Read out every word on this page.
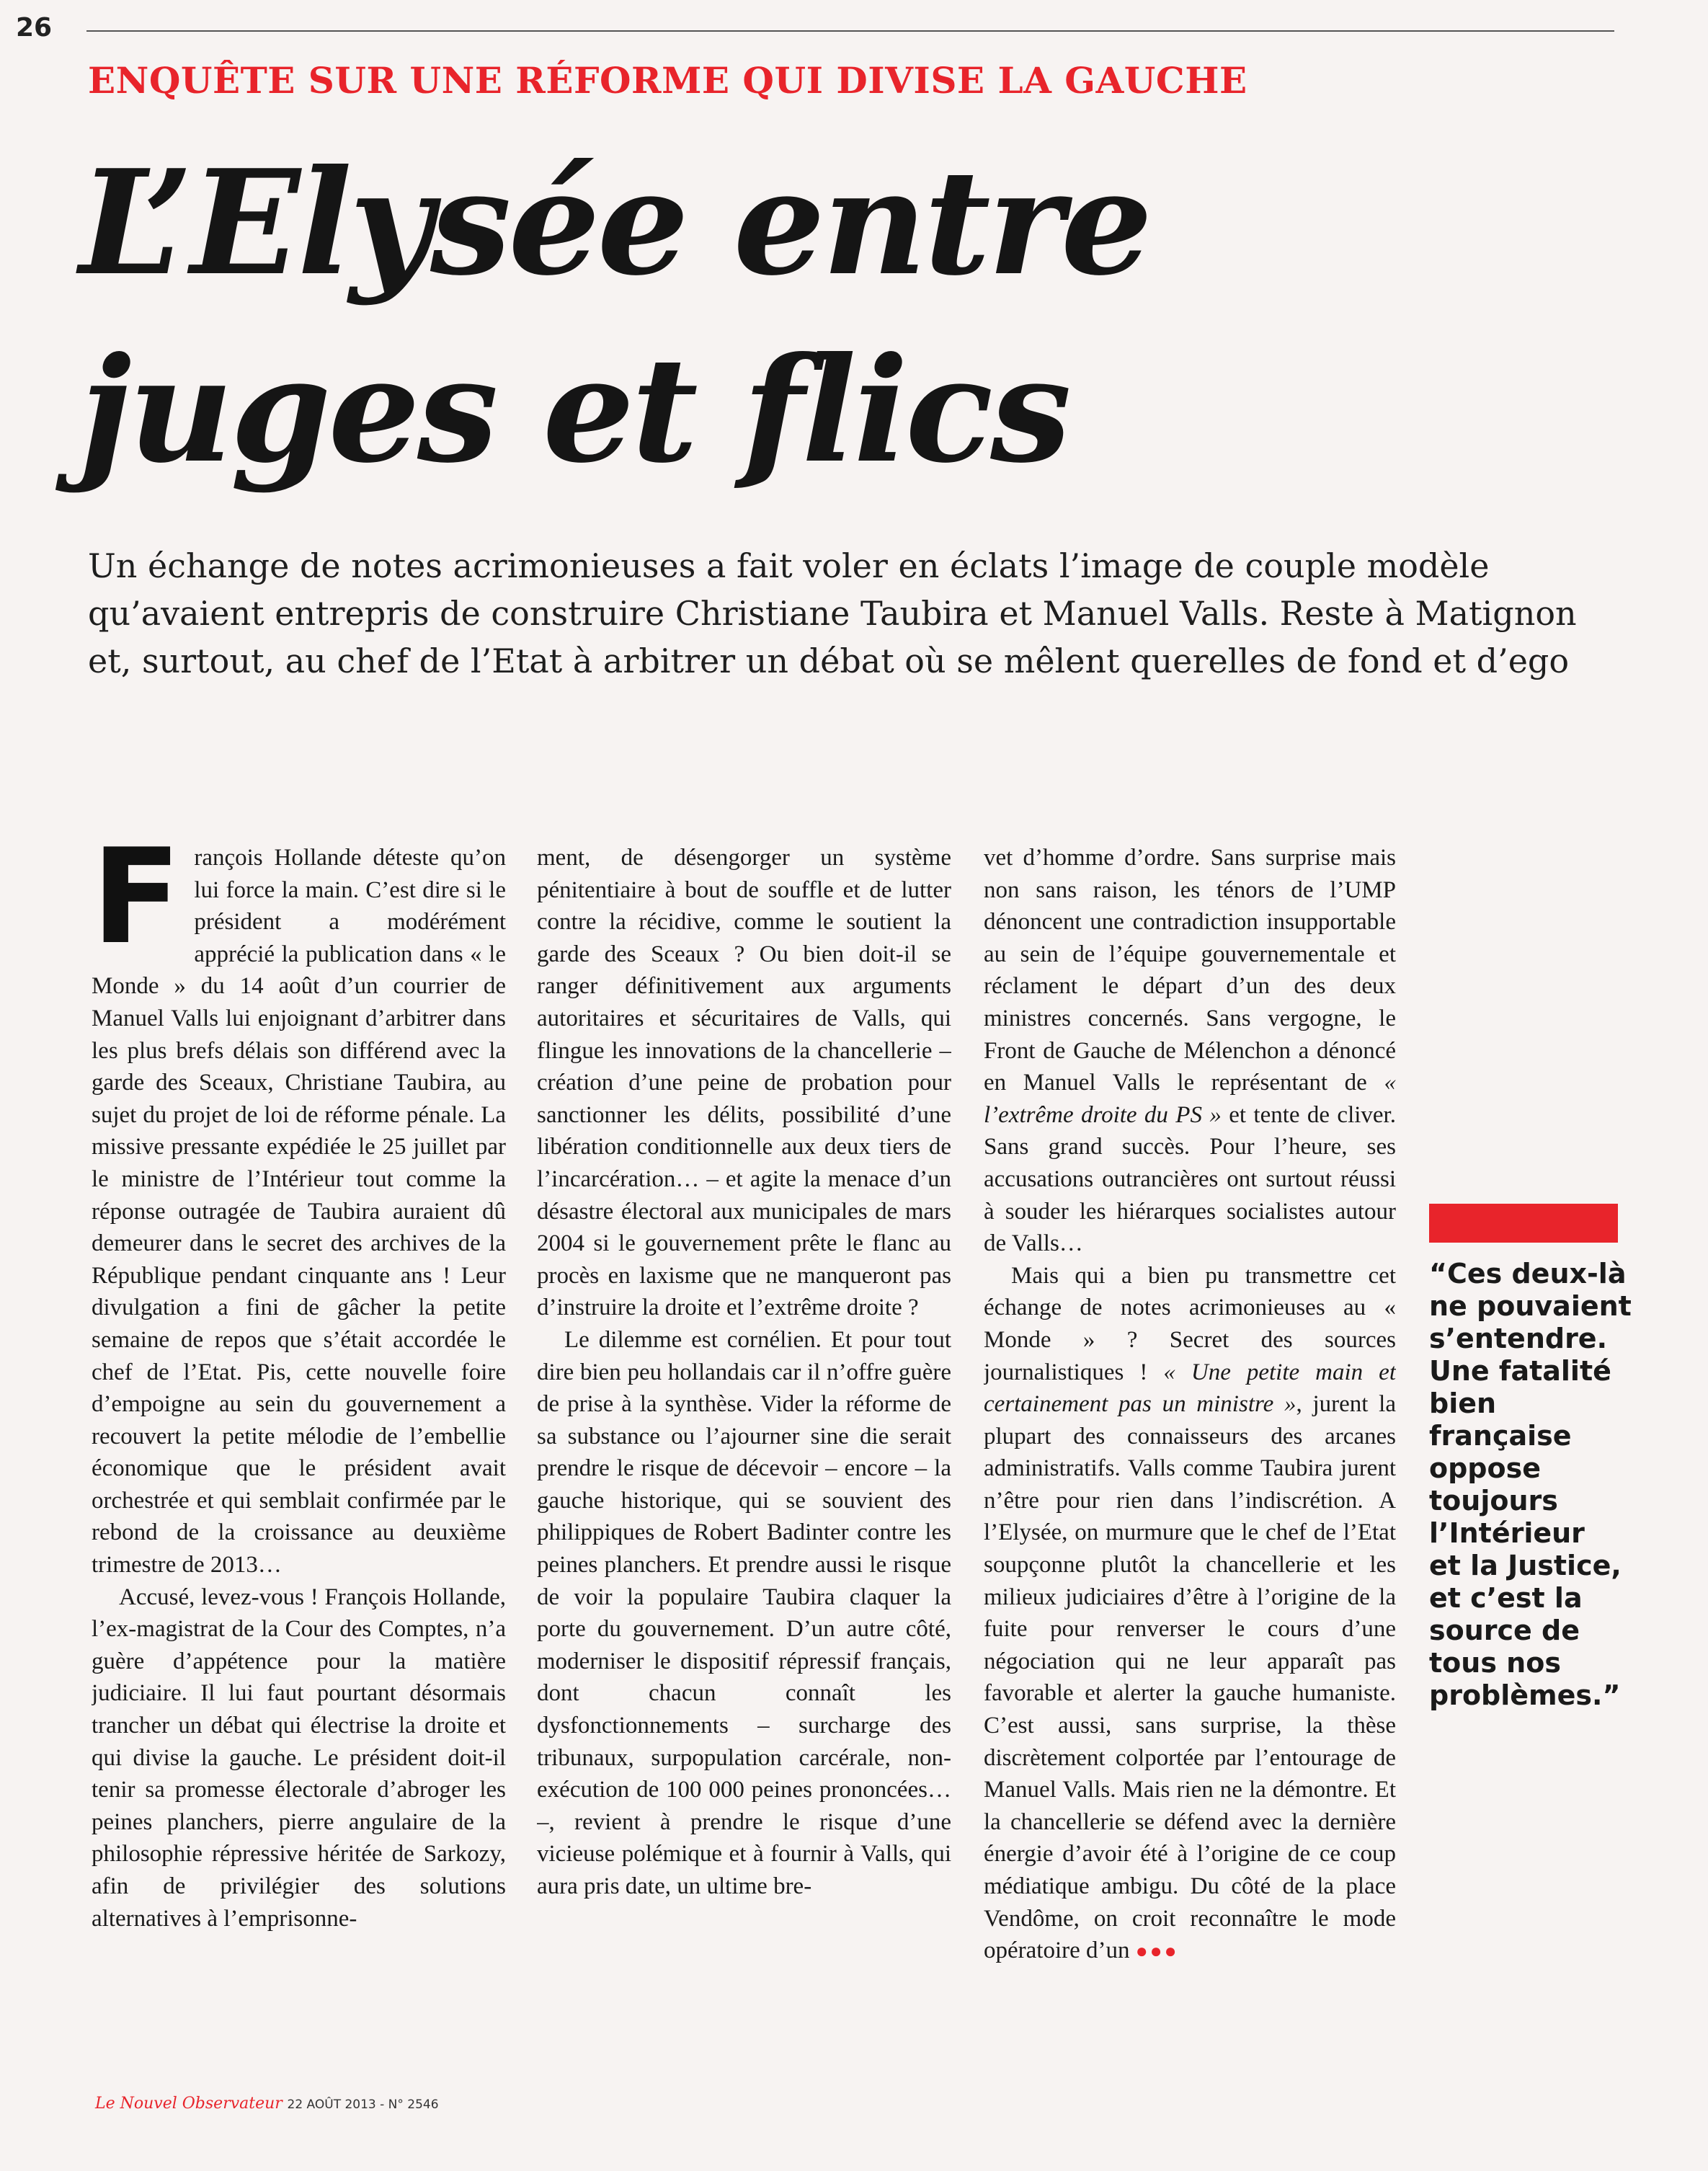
26
ENQUÊTE SUR UNE RÉFORME QUI DIVISE LA GAUCHE
L’Elysée entre
juges et flics

Un échange de notes acrimonieuses a fait voler en éclats l’image de couple modèle
qu’avaient entrepris de construire Christiane Taubira et Manuel Valls. Reste à Matignon
et, surtout, au chef de l’Etat à arbitrer un débat où se mêlent querelles de fond et d’ego

François Hollande déteste qu’on lui force la main. C’est dire si le président a modérément apprécié la publication dans « le Monde » du 14 août d’un courrier de Manuel Valls lui enjoignant d’arbitrer dans les plus brefs délais son différend avec la garde des Sceaux, Christiane Taubira, au sujet du projet de loi de réforme pénale. La missive pressante expédiée le 25 juillet par le ministre de l’Intérieur tout comme la réponse outragée de Taubira auraient dû demeurer dans le secret des archives de la République pendant cinquante ans ! Leur divulgation a fini de gâcher la petite semaine de repos que s’était accordée le chef de l’Etat. Pis, cette nouvelle foire d’empoigne au sein du gouvernement a recouvert la petite mélodie de l’embellie économique que le président avait orchestrée et qui semblait confirmée par le rebond de la croissance au deuxième trimestre de 2013…

Accusé, levez-vous ! François Hollande, l’ex-magistrat de la Cour des Comptes, n’a guère d’appétence pour la matière judiciaire. Il lui faut pourtant désormais trancher un débat qui électrise la droite et qui divise la gauche. Le président doit-il tenir sa promesse électorale d’abroger les peines planchers, pierre angulaire de la philosophie répressive héritée de Sarkozy, afin de privilégier des solutions alternatives à l’emprisonne-

ment, de désengorger un système pénitentiaire à bout de souffle et de lutter contre la récidive, comme le soutient la garde des Sceaux ? Ou bien doit-il se ranger définitivement aux arguments autoritaires et sécuritaires de Valls, qui flingue les innovations de la chancellerie – création d’une peine de probation pour sanctionner les délits, possibilité d’une libération conditionnelle aux deux tiers de l’incarcération… – et agite la menace d’un désastre électoral aux municipales de mars 2004 si le gouvernement prête le flanc au procès en laxisme que ne manqueront pas d’instruire la droite et l’extrême droite ?

Le dilemme est cornélien. Et pour tout dire bien peu hollandais car il n’offre guère de prise à la synthèse. Vider la réforme de sa substance ou l’ajourner sine die serait prendre le risque de décevoir – encore – la gauche historique, qui se souvient des philippiques de Robert Badinter contre les peines planchers. Et prendre aussi le risque de voir la populaire Taubira claquer la porte du gouvernement. D’un autre côté, moderniser le dispositif répressif français, dont chacun connaît les dysfonctionnements – surcharge des tribunaux, surpopulation carcérale, non-exécution de 100 000 peines prononcées… –, revient à prendre le risque d’une vicieuse polémique et à fournir à Valls, qui aura pris date, un ultime bre-

vet d’homme d’ordre. Sans surprise mais non sans raison, les ténors de l’UMP dénoncent une contradiction insupportable au sein de l’équipe gouvernementale et réclament le départ d’un des deux ministres concernés. Sans vergogne, le Front de Gauche de Mélenchon a dénoncé en Manuel Valls le représentant de « l’extrême droite du PS » et tente de cliver. Sans grand succès. Pour l’heure, ses accusations outrancières ont surtout réussi à souder les hiérarques socialistes autour de Valls…

Mais qui a bien pu transmettre cet échange de notes acrimonieuses au « Monde » ? Secret des sources journalistiques ! « Une petite main et certainement pas un ministre », jurent la plupart des connaisseurs des arcanes administratifs. Valls comme Taubira jurent n’être pour rien dans l’indiscrétion. A l’Elysée, on murmure que le chef de l’Etat soupçonne plutôt la chancellerie et les milieux judiciaires d’être à l’origine de la fuite pour renverser le cours d’une négociation qui ne leur apparaît pas favorable et alerter la gauche humaniste. C’est aussi, sans surprise, la thèse discrètement colportée par l’entourage de Manuel Valls. Mais rien ne la démontre. Et la chancellerie se défend avec la dernière énergie d’avoir été à l’origine de ce coup médiatique ambigu. Du côté de la place Vendôme, on croit reconnaître le mode opératoire d’un ●●●

“Ces deux-là
ne pouvaient
s’entendre.
Une fatalité
bien
française
oppose
toujours
l’Intérieur
et la Justice,
et c’est la
source de
tous nos
problèmes.”

Le Nouvel Observateur 22 AOÛT 2013 - N° 2546
